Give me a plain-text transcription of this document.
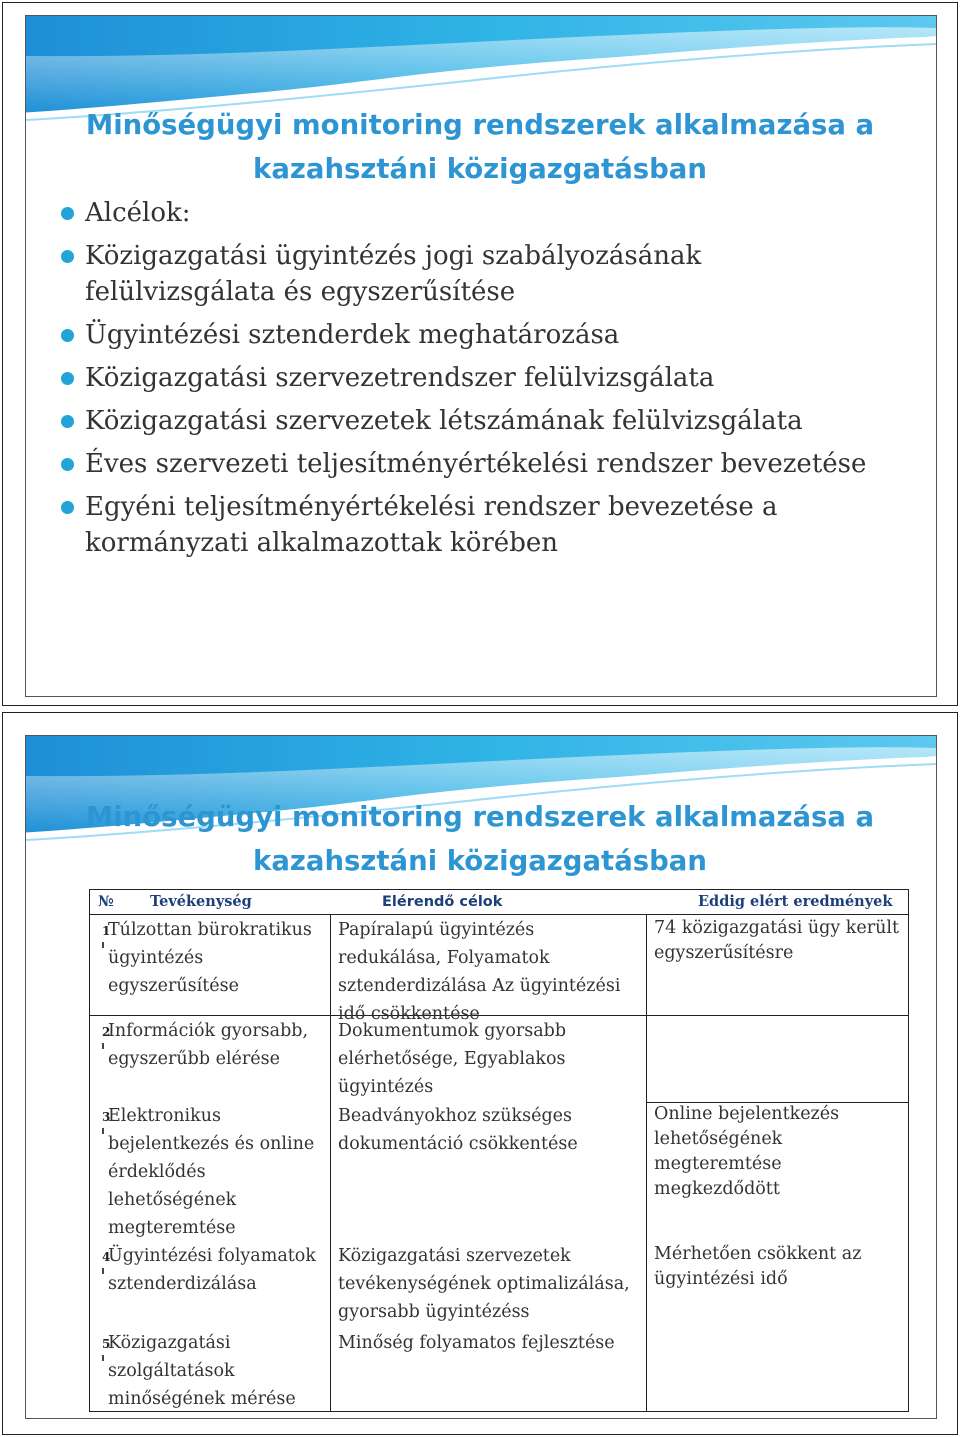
Minőségügyi monitoring rendszerek alkalmazása a
kazahsztáni közigazgatásban
Alcélok:
Közigazgatási ügyintézés jogi szabályozásának felülvizsgálata és egyszerűsítése
Ügyintézési sztenderdek meghatározása
Közigazgatási szervezetrendszer felülvizsgálata
Közigazgatási szervezetek létszámának felülvizsgálata
Éves szervezeti teljesítményértékelési rendszer bevezetése
Egyéni teljesítményértékelési rendszer bevezetése a kormányzati alkalmazottak körében
Minőségügyi monitoring rendszerek alkalmazása a
kazahsztáni közigazgatásban
№ Tevékenység	Elérendő célok	Eddig elért eredmények
1
Túlzottan bürokratikus ügyintézés egyszerűsítése
Papíralapú ügyintézés redukálása, Folyamatok sztenderdizálása Az ügyintézési idő csökkentése
74 közigazgatási ügy került egyszerűsítésre
2
Információk gyorsabb, egyszerűbb elérése
Dokumentumok gyorsabb elérhetősége, Egyablakos ügyintézés
3
Elektronikus bejelentkezés és online érdeklődés lehetőségének megteremtése
Beadványokhoz szükséges dokumentáció csökkentése
Online bejelentkezés lehetőségének megteremtése megkezdődött
4
Ügyintézési folyamatok sztenderdizálása
Közigazgatási szervezetek tevékenységének optimalizálása, gyorsabb ügyintézéss
Mérhetően csökkent az ügyintézési idő
5
Közigazgatási szolgáltatások minőségének mérése
Minőség folyamatos fejlesztése
